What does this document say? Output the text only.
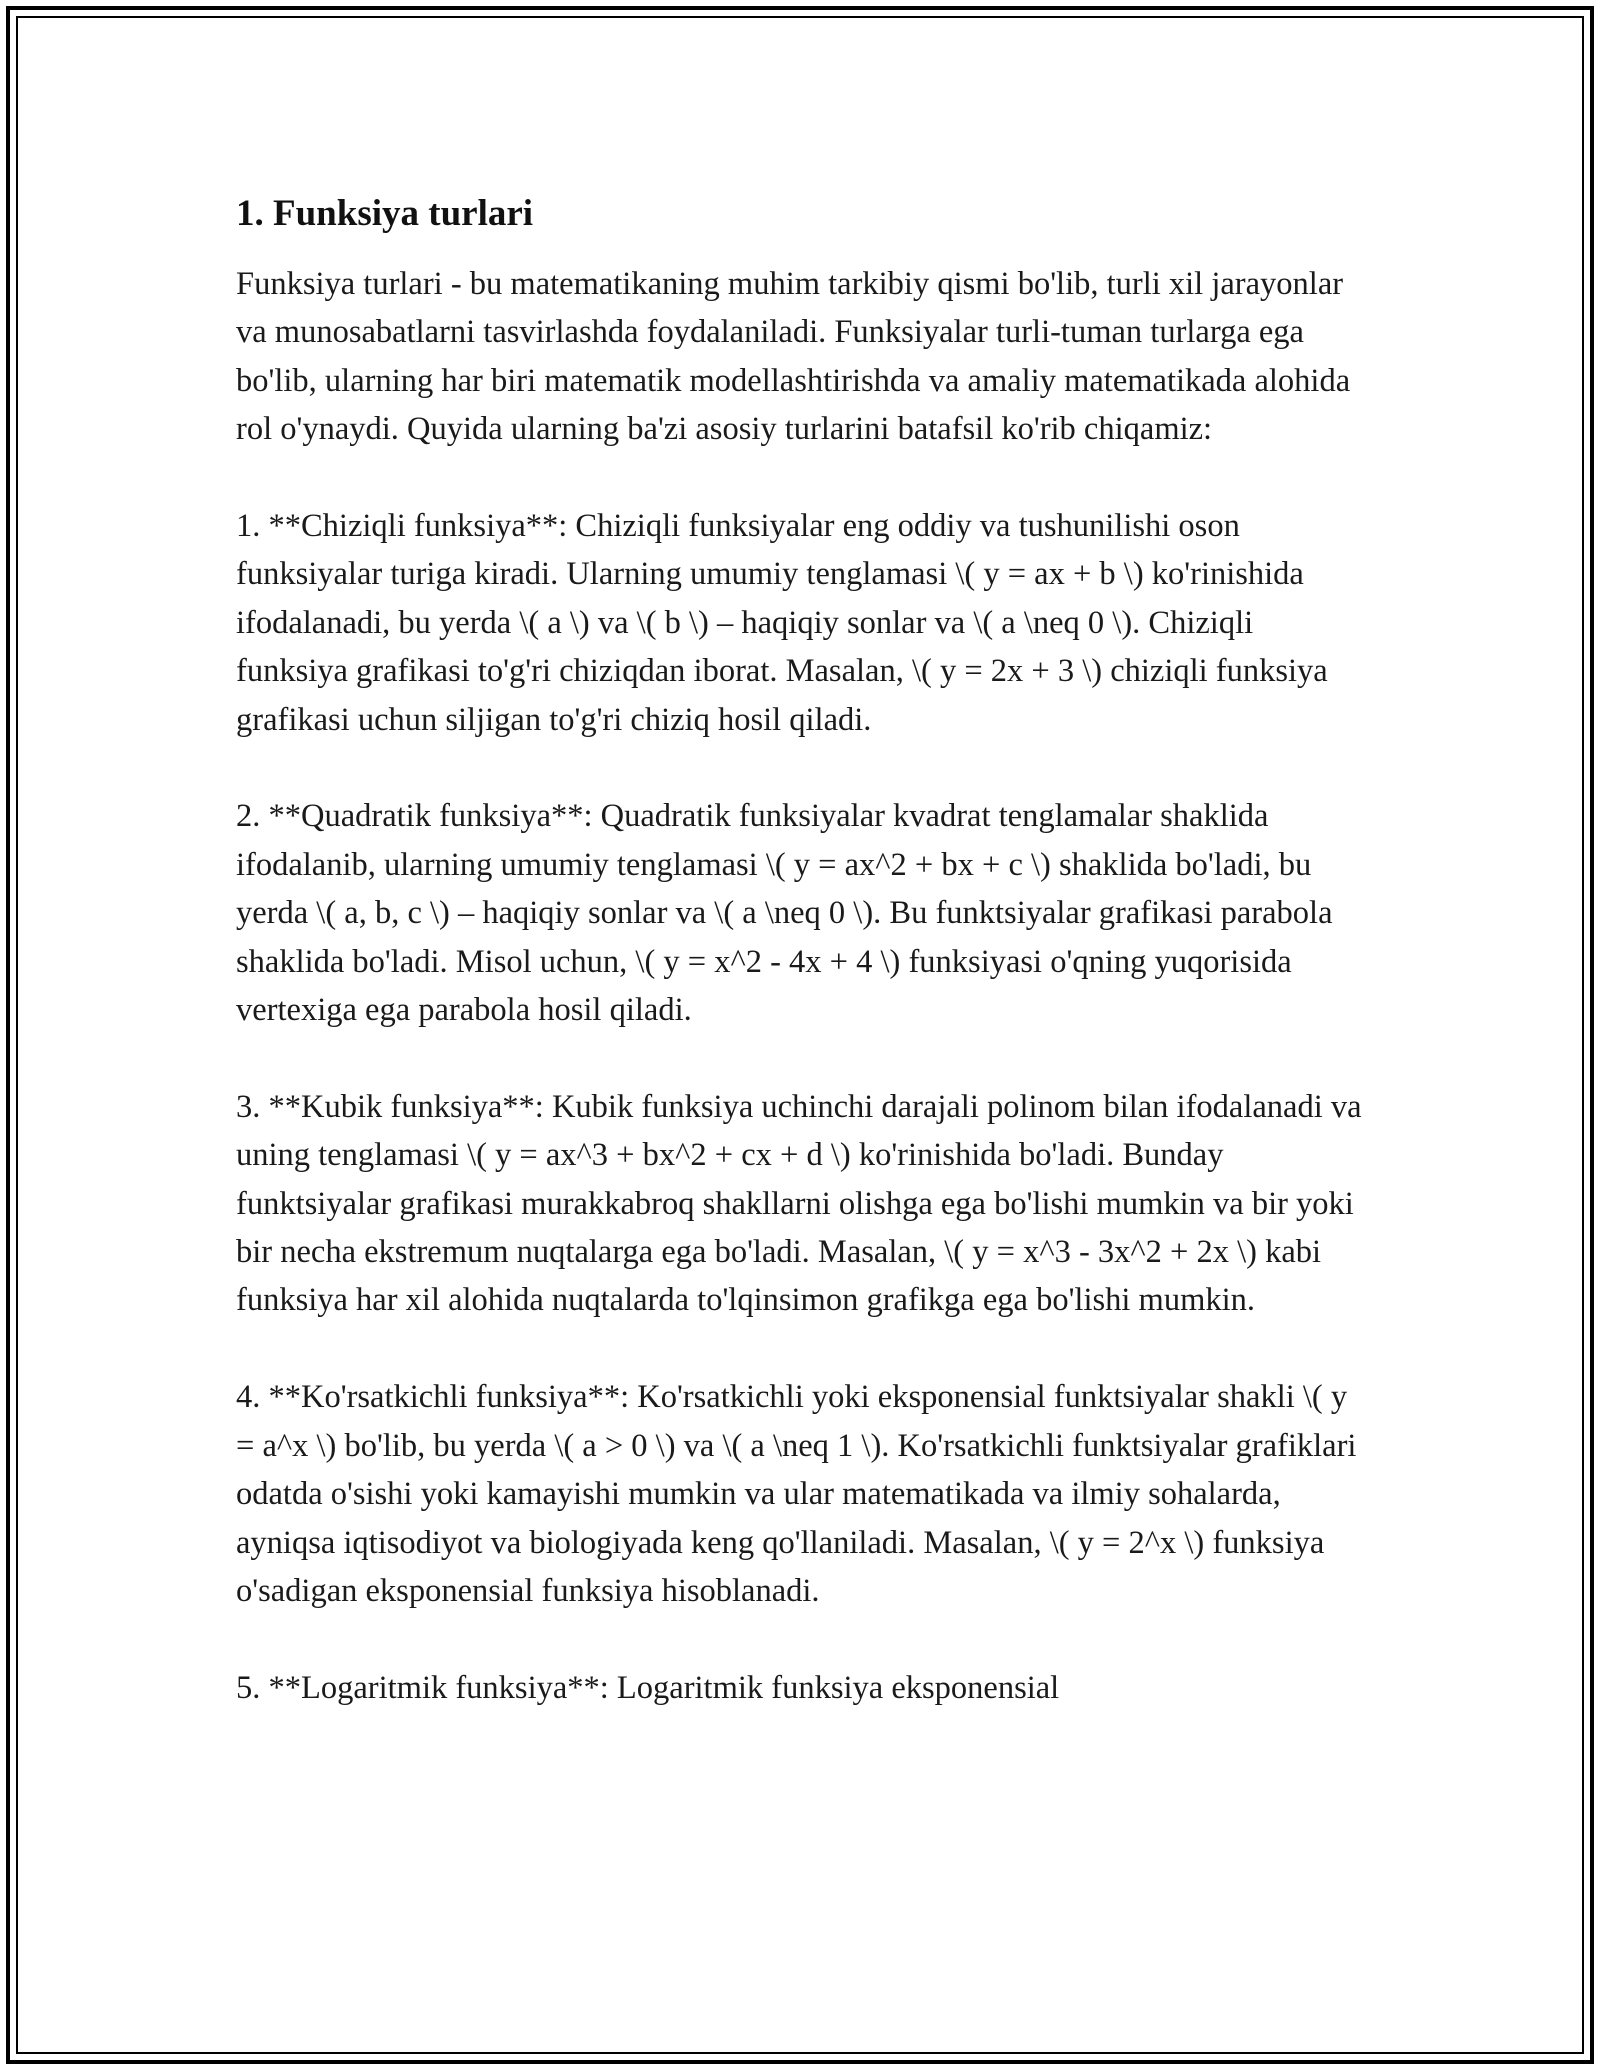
1. Funksiya turlari

Funksiya turlari - bu matematikaning muhim tarkibiy qismi bo'lib, turli xil jarayonlar va munosabatlarni tasvirlashda foydalaniladi. Funksiyalar turli-tuman turlarga ega bo'lib, ularning har biri matematik modellashtirishda va amaliy matematikada alohida rol o'ynaydi. Quyida ularning ba'zi asosiy turlarini batafsil ko'rib chiqamiz:

1. **Chiziqli funksiya**: Chiziqli funksiyalar eng oddiy va tushunilishi oson funksiyalar turiga kiradi. Ularning umumiy tenglamasi \( y = ax + b \) ko'rinishida ifodalanadi, bu yerda \( a \) va \( b \) – haqiqiy sonlar va \( a \neq 0 \). Chiziqli funksiya grafikasi to'g'ri chiziqdan iborat. Masalan, \( y = 2x + 3 \) chiziqli funksiya grafikasi uchun siljigan to'g'ri chiziq hosil qiladi.

2. **Quadratik funksiya**: Quadratik funksiyalar kvadrat tenglamalar shaklida ifodalanib, ularning umumiy tenglamasi \( y = ax^2 + bx + c \) shaklida bo'ladi, bu yerda \( a, b, c \) – haqiqiy sonlar va \( a \neq 0 \). Bu funktsiyalar grafikasi parabola shaklida bo'ladi. Misol uchun, \( y = x^2 - 4x + 4 \) funksiyasi o'qning yuqorisida vertexiga ega parabola hosil qiladi.

3. **Kubik funksiya**: Kubik funksiya uchinchi darajali polinom bilan ifodalanadi va uning tenglamasi \( y = ax^3 + bx^2 + cx + d \) ko'rinishida bo'ladi. Bunday funktsiyalar grafikasi murakkabroq shakllarni olishga ega bo'lishi mumkin va bir yoki bir necha ekstremum nuqtalarga ega bo'ladi. Masalan, \( y = x^3 - 3x^2 + 2x \) kabi funksiya har xil alohida nuqtalarda to'lqinsimon grafikga ega bo'lishi mumkin.

4. **Ko'rsatkichli funksiya**: Ko'rsatkichli yoki eksponensial funktsiyalar shakli \( y = a^x \) bo'lib, bu yerda \( a > 0 \) va \( a \neq 1 \). Ko'rsatkichli funktsiyalar grafiklari odatda o'sishi yoki kamayishi mumkin va ular matematikada va ilmiy sohalarda, ayniqsa iqtisodiyot va biologiyada keng qo'llaniladi. Masalan, \( y = 2^x \) funksiya o'sadigan eksponensial funksiya hisoblanadi.

5. **Logaritmik funksiya**: Logaritmik funksiya eksponensial
